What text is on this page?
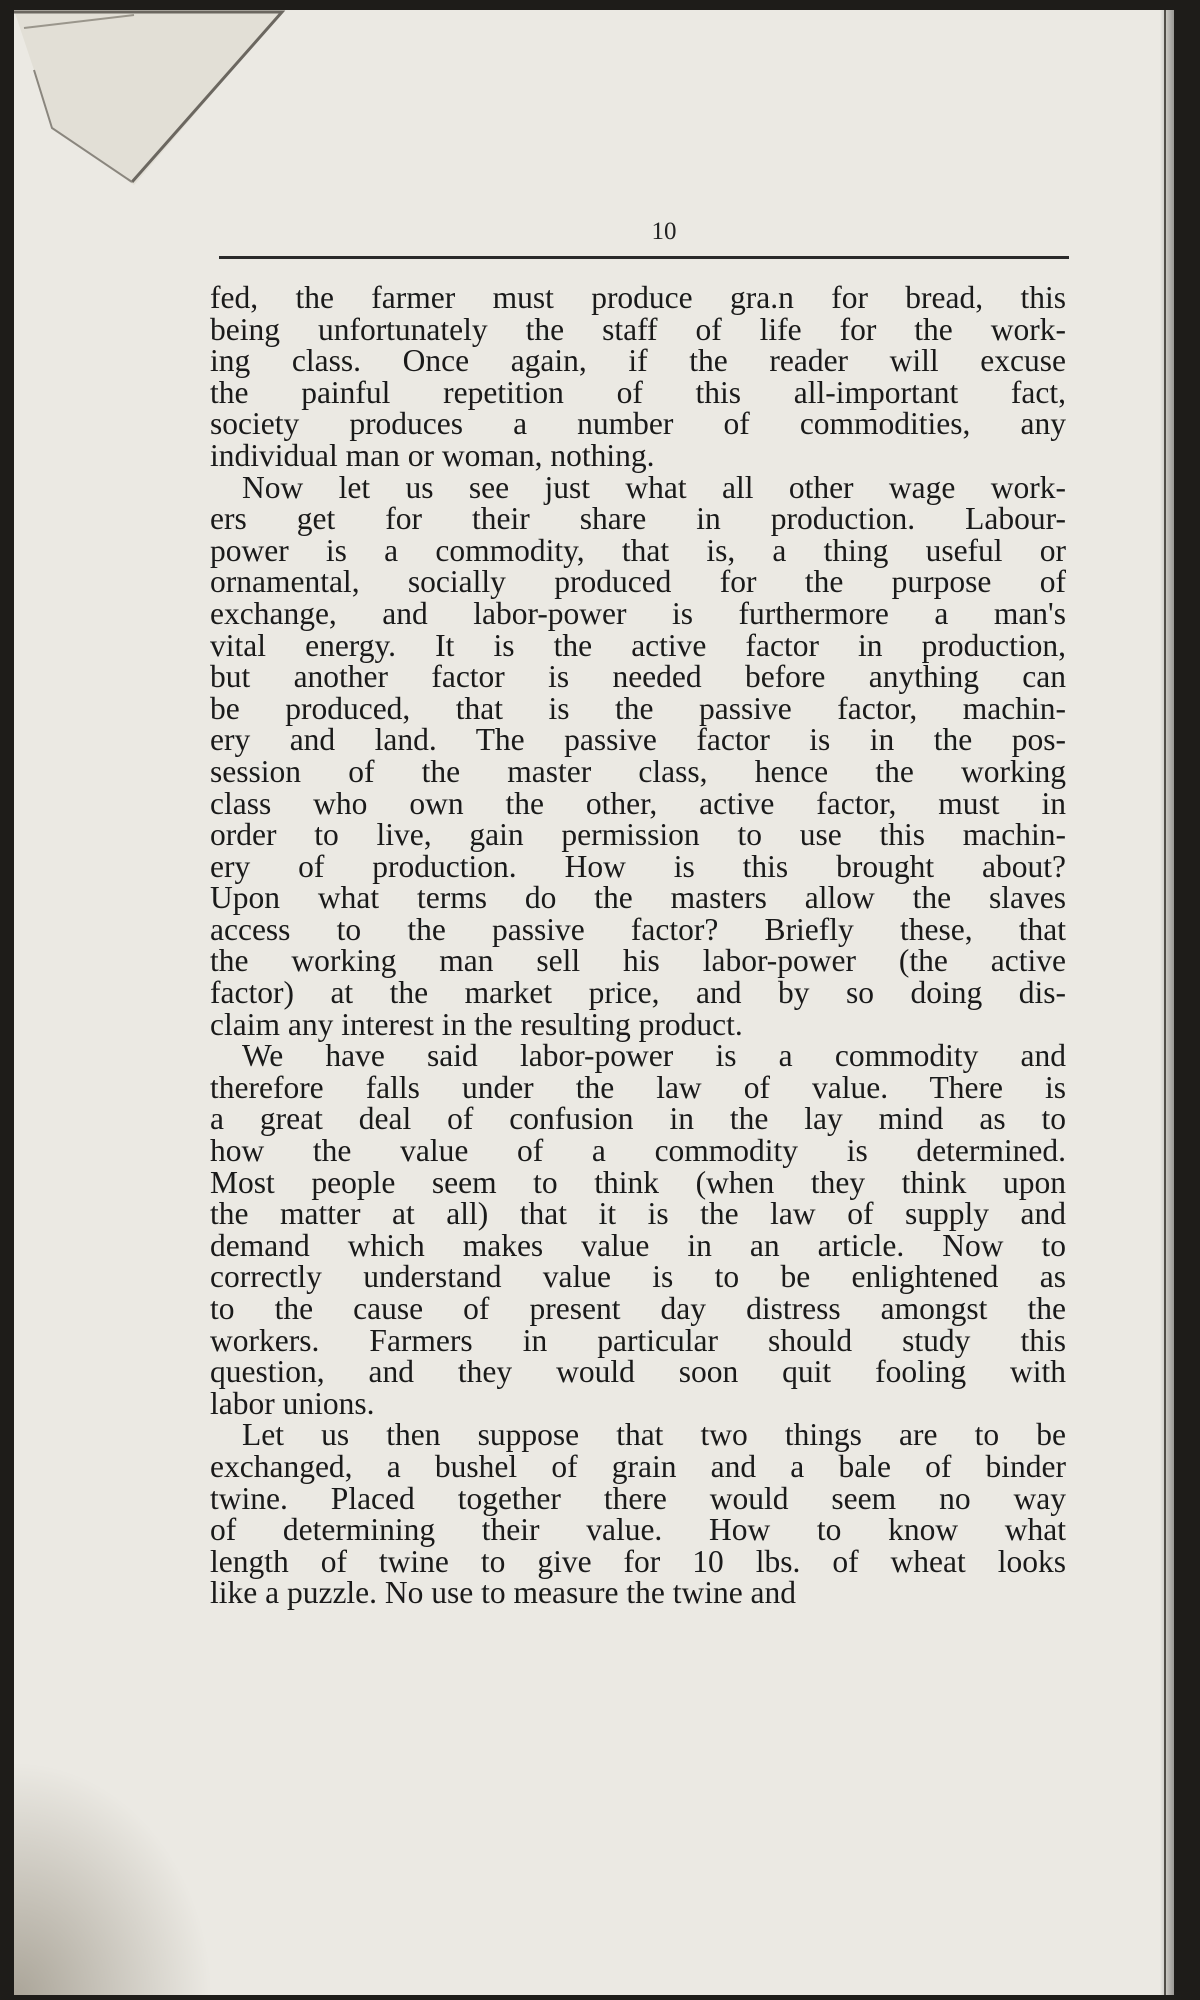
10
fed, the farmer must produce gra.n for bread, this
being unfortunately the staff of life for the work-
ing class. Once again, if the reader will excuse
the painful repetition of this all-important fact,
society produces a number of commodities, any
individual man or woman, nothing.
Now let us see just what all other wage work-
ers get for their share in production. Labour-
power is a commodity, that is, a thing useful or
ornamental, socially produced for the purpose of
exchange, and labor-power is furthermore a man's
vital energy. It is the active factor in production,
but another factor is needed before anything can
be produced, that is the passive factor, machin-
ery and land. The passive factor is in the pos-
session of the master class, hence the working
class who own the other, active factor, must in
order to live, gain permission to use this machin-
ery of production. How is this brought about?
Upon what terms do the masters allow the slaves
access to the passive factor? Briefly these, that
the working man sell his labor-power (the active
factor) at the market price, and by so doing dis-
claim any interest in the resulting product.
We have said labor-power is a commodity and
therefore falls under the law of value. There is
a great deal of confusion in the lay mind as to
how the value of a commodity is determined.
Most people seem to think (when they think upon
the matter at all) that it is the law of supply and
demand which makes value in an article. Now to
correctly understand value is to be enlightened as
to the cause of present day distress amongst the
workers. Farmers in particular should study this
question, and they would soon quit fooling with
labor unions.
Let us then suppose that two things are to be
exchanged, a bushel of grain and a bale of binder
twine. Placed together there would seem no way
of determining their value. How to know what
length of twine to give for 10 lbs. of wheat looks
like a puzzle. No use to measure the twine and
